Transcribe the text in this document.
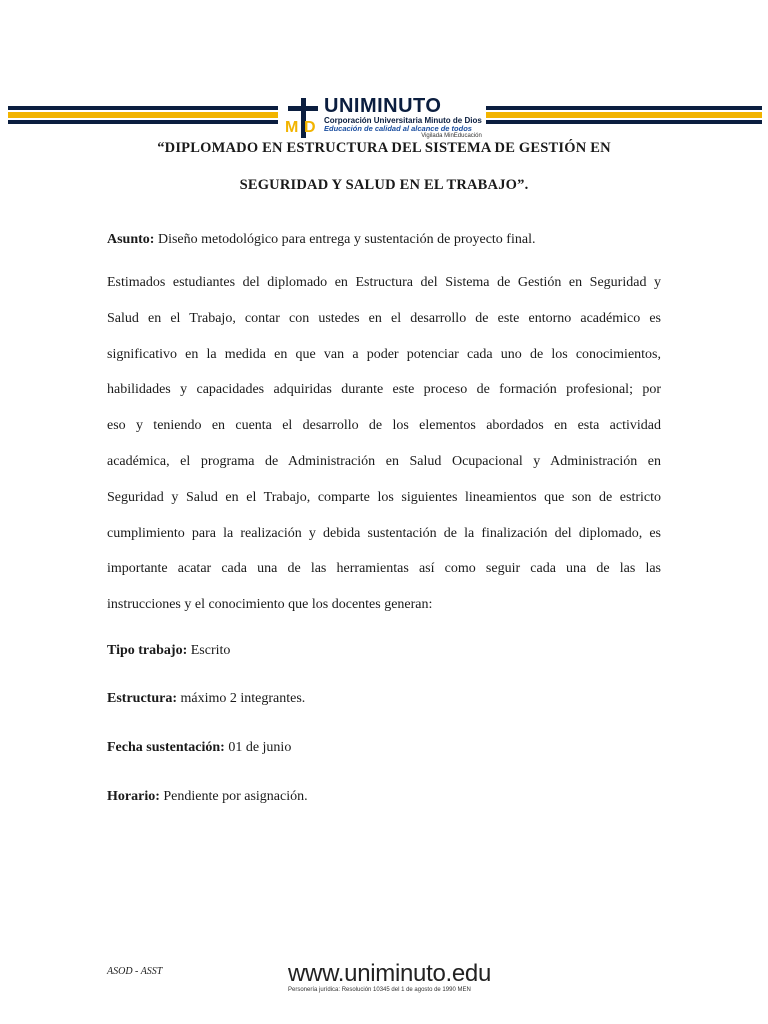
M D
UNIMINUTO
Corporación Universitaria Minuto de Dios
Educación de calidad al alcance de todos
Vigilada MinEducación
“DIPLOMADO EN ESTRUCTURA DEL SISTEMA DE GESTIÓN EN
SEGURIDAD Y SALUD EN EL TRABAJO”.
Asunto: Diseño metodológico para entrega y sustentación de proyecto final.
Estimados estudiantes del diplomado en Estructura del Sistema de Gestión en Seguridad y
Salud en el Trabajo, contar con ustedes en el desarrollo de este entorno académico es
significativo en la medida en que van a poder potenciar cada uno de los conocimientos,
habilidades y capacidades adquiridas durante este proceso de formación profesional; por
eso y teniendo en cuenta el desarrollo de los elementos abordados en esta actividad
académica, el programa de Administración en Salud Ocupacional y Administración en
Seguridad y Salud en el Trabajo, comparte los siguientes lineamientos que son de estricto
cumplimiento para la realización y debida sustentación de la finalización del diplomado, es
importante acatar cada una de las herramientas así como seguir cada una de las las
instrucciones y el conocimiento que los docentes generan:
Tipo trabajo: Escrito
Estructura: máximo 2 integrantes.
Fecha sustentación: 01 de junio
Horario: Pendiente por asignación.
ASOD - ASST	www.uniminuto.edu
Personería jurídica: Resolución 10345 del 1 de agosto de 1990 MEN
